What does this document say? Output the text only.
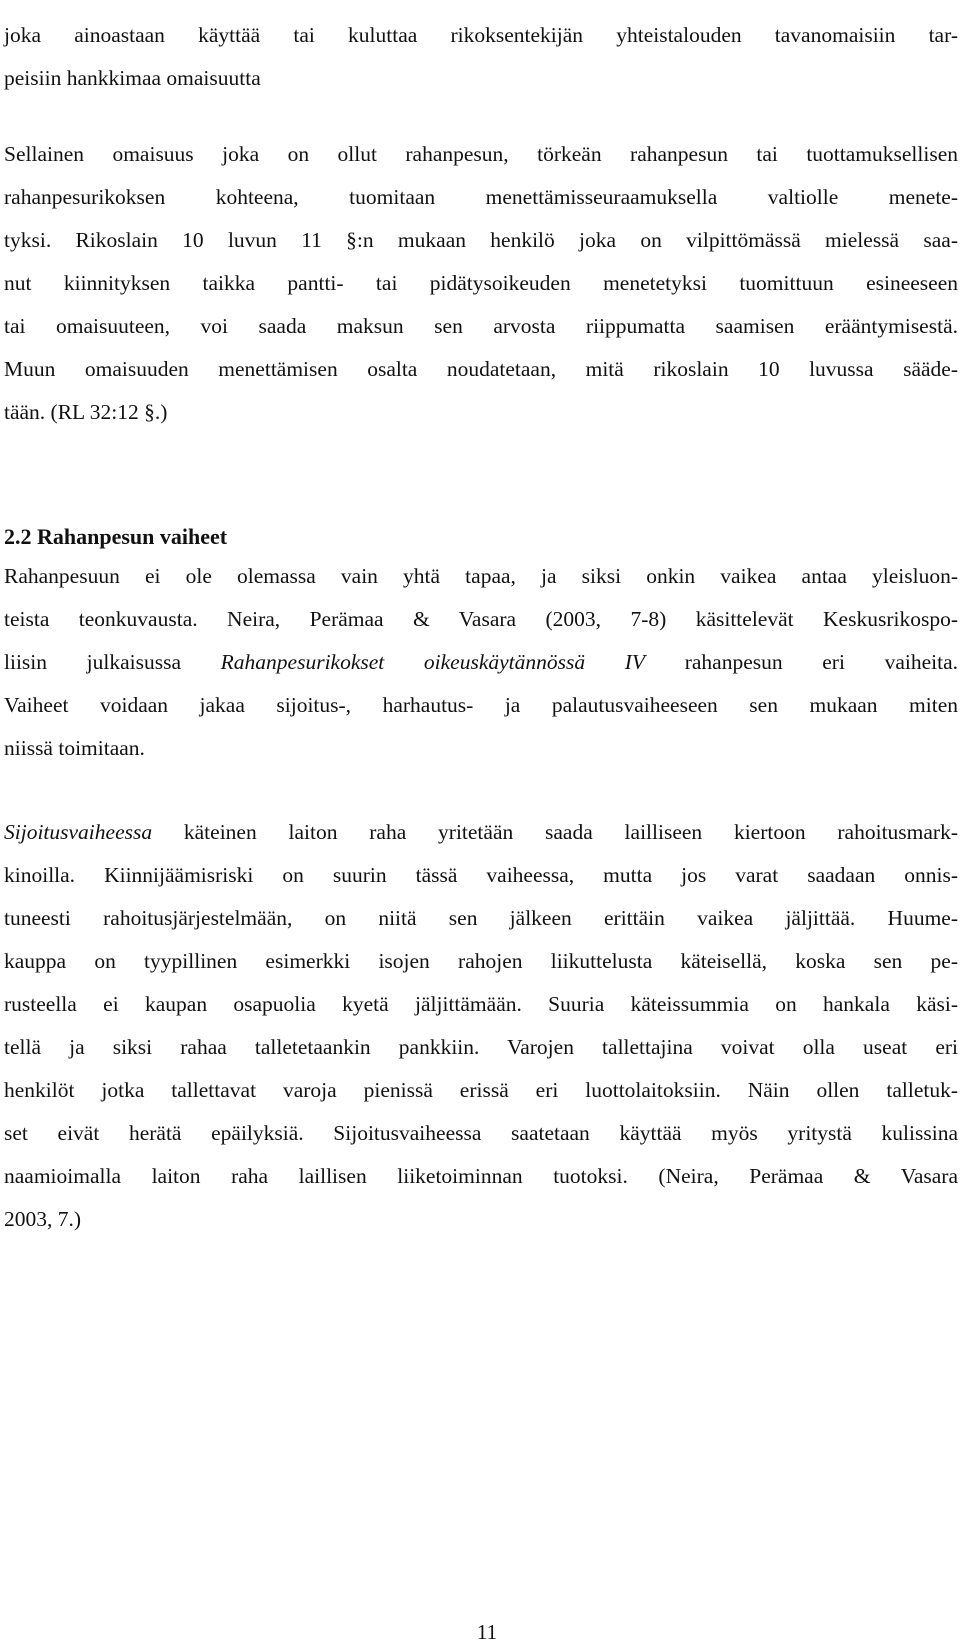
joka ainoastaan käyttää tai kuluttaa rikoksentekijän yhteistalouden tavanomaisiin tar-
peisiin hankkimaa omaisuutta
Sellainen omaisuus joka on ollut rahanpesun, törkeän rahanpesun tai tuottamuksellisen
rahanpesurikoksen kohteena, tuomitaan menettämisseuraamuksella valtiolle menete-
tyksi. Rikoslain 10 luvun 11 §:n mukaan henkilö joka on vilpittömässä mielessä saa-
nut kiinnityksen taikka pantti- tai pidätysoikeuden menetetyksi tuomittuun esineeseen
tai omaisuuteen, voi saada maksun sen arvosta riippumatta saamisen erääntymisestä.
Muun omaisuuden menettämisen osalta noudatetaan, mitä rikoslain 10 luvussa sääde-
tään. (RL 32:12 §.)
2.2 Rahanpesun vaiheet
Rahanpesuun ei ole olemassa vain yhtä tapaa, ja siksi onkin vaikea antaa yleisluon-
teista teonkuvausta. Neira, Perämaa & Vasara (2003, 7-8) käsittelevät Keskusrikospo-
liisin julkaisussa Rahanpesurikokset oikeuskäytännössä IV rahanpesun eri vaiheita.
Vaiheet voidaan jakaa sijoitus-, harhautus- ja palautusvaiheeseen sen mukaan miten
niissä toimitaan.
Sijoitusvaiheessa käteinen laiton raha yritetään saada lailliseen kiertoon rahoitusmark-
kinoilla. Kiinnijäämisriski on suurin tässä vaiheessa, mutta jos varat saadaan onnis-
tuneesti rahoitusjärjestelmään, on niitä sen jälkeen erittäin vaikea jäljittää. Huume-
kauppa on tyypillinen esimerkki isojen rahojen liikuttelusta käteisellä, koska sen pe-
rusteella ei kaupan osapuolia kyetä jäljittämään. Suuria käteissummia on hankala käsi-
tellä ja siksi rahaa talletetaankin pankkiin. Varojen tallettajina voivat olla useat eri
henkilöt jotka tallettavat varoja pienissä erissä eri luottolaitoksiin. Näin ollen talletuk-
set eivät herätä epäilyksiä. Sijoitusvaiheessa saatetaan käyttää myös yritystä kulissina
naamioimalla laiton raha laillisen liiketoiminnan tuotoksi. (Neira, Perämaa & Vasara
2003, 7.)
11
